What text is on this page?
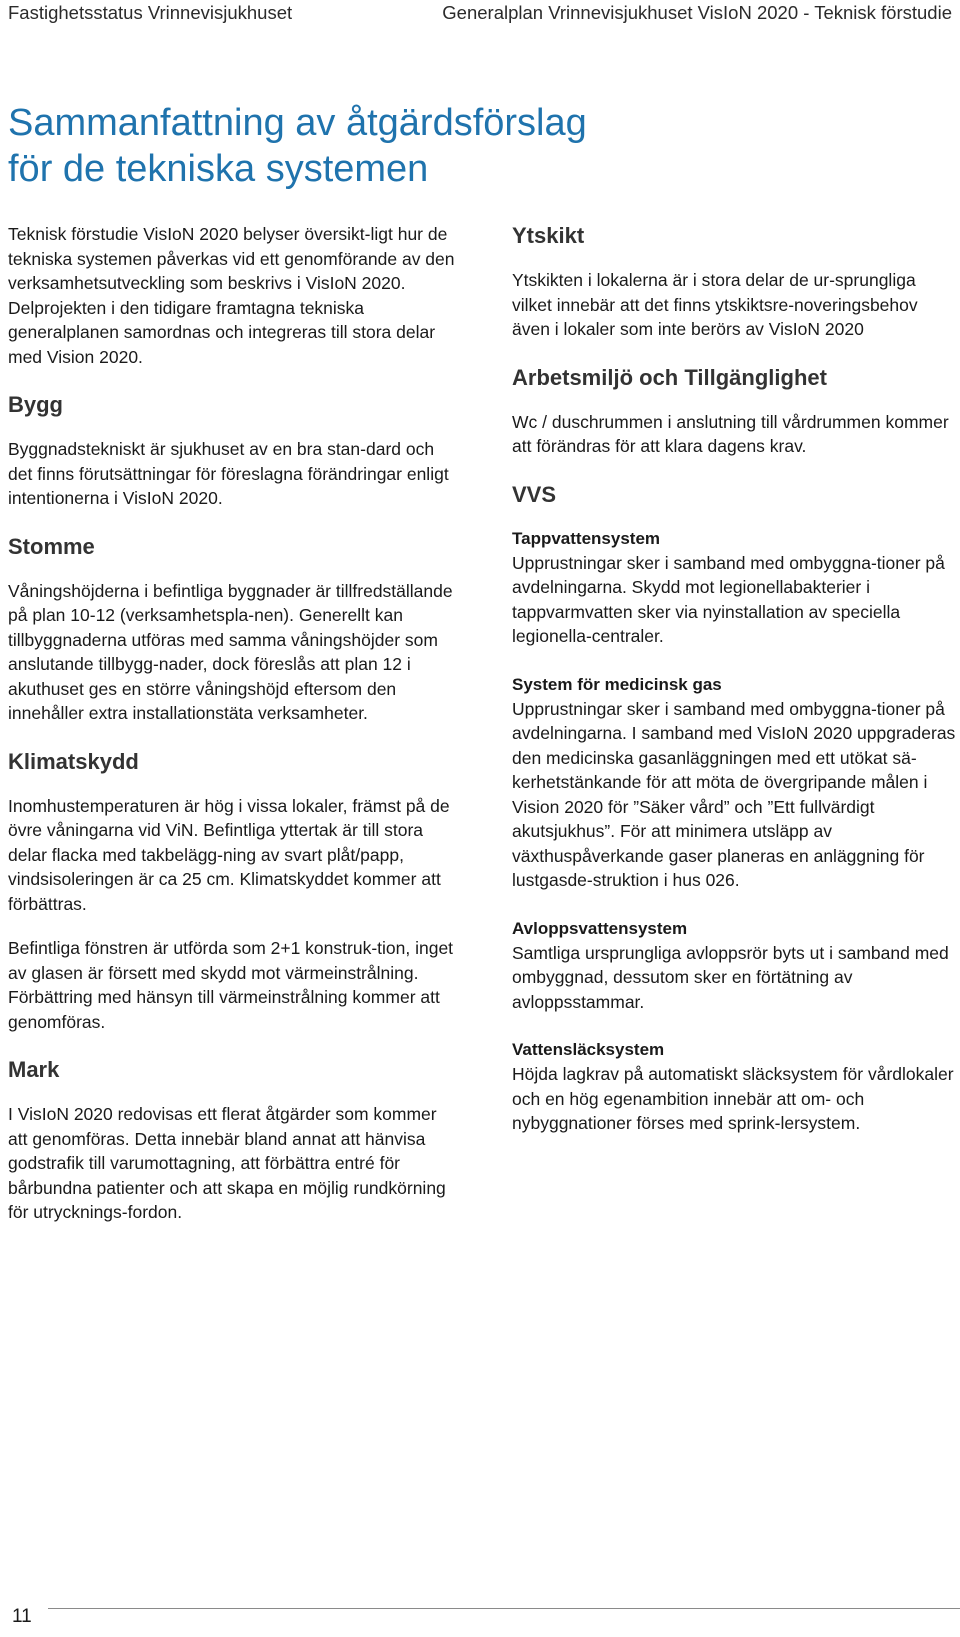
Fastighetsstatus Vrinnevisjukhuset	Generalplan Vrinnevisjukhuset VisIoN 2020 - Teknisk förstudie
Sammanfattning av åtgärdsförslag
för de tekniska systemen

Teknisk förstudie VisIoN 2020 belyser översikt-ligt hur de tekniska systemen påverkas vid ett genomförande av den verksamhetsutveckling som beskrivs i VisIoN 2020. Delprojekten i den tidigare framtagna tekniska generalplanen samordnas och integreras till stora delar med Vision 2020.

Bygg

Byggnadstekniskt är sjukhuset av en bra stan-dard och det finns förutsättningar för föreslagna förändringar enligt intentionerna i VisIoN 2020.

Stomme

Våningshöjderna i befintliga byggnader är tillfredställande på plan 10-12 (verksamhetspla-nen). Generellt kan tillbyggnaderna utföras med samma våningshöjder som anslutande tillbygg-nader, dock föreslås att plan 12 i akuthuset ges en större våningshöjd eftersom den innehåller extra installationstäta verksamheter.

Klimatskydd

Inomhustemperaturen är hög i vissa lokaler, främst på de övre våningarna vid ViN. Befintliga yttertak är till stora delar flacka med takbelägg-ning av svart plåt/papp, vindsisoleringen är ca 25 cm. Klimatskyddet kommer att förbättras.

Befintliga fönstren är utförda som 2+1 konstruk-tion, inget av glasen är försett med skydd mot värmeinstrålning. Förbättring med hänsyn till värmeinstrålning kommer att genomföras.

Mark

I VisIoN 2020 redovisas ett flerat åtgärder som kommer att genomföras. Detta innebär bland annat att hänvisa godstrafik till varumottagning, att förbättra entré för bårbundna patienter och att skapa en möjlig rundkörning för utrycknings-fordon.

Ytskikt

Ytskikten i lokalerna är i stora delar de ur-sprungliga vilket innebär att det finns ytskiktsre-noveringsbehov även i lokaler som inte berörs av VisIoN 2020

Arbetsmiljö och Tillgänglighet

Wc / duschrummen i anslutning till vårdrummen kommer att förändras för att klara dagens krav.

VVS
Tappvattensystem

Upprustningar sker i samband med ombyggna-tioner på avdelningarna. Skydd mot legionellabakterier i tappvarmvatten sker via nyinstallation av speciella legionella-centraler.

System för medicinsk gas

Upprustningar sker i samband med ombyggna-tioner på avdelningarna. I samband med VisIoN 2020 uppgraderas den medicinska gasanläggningen med ett utökat sä-kerhetstänkande för att möta de övergripande målen i Vision 2020 för ”Säker vård” och ”Ett fullvärdigt akutsjukhus”. För att minimera utsläpp av växthuspåverkande gaser planeras en anläggning för lustgasde-struktion i hus 026.

Avloppsvattensystem

Samtliga ursprungliga avloppsrör byts ut i samband med ombyggnad, dessutom sker en förtätning av avloppsstammar.

Vattensläcksystem

Höjda lagkrav på automatiskt släcksystem för vårdlokaler och en hög egenambition innebär att om- och nybyggnationer förses med sprink-lersystem.

11
